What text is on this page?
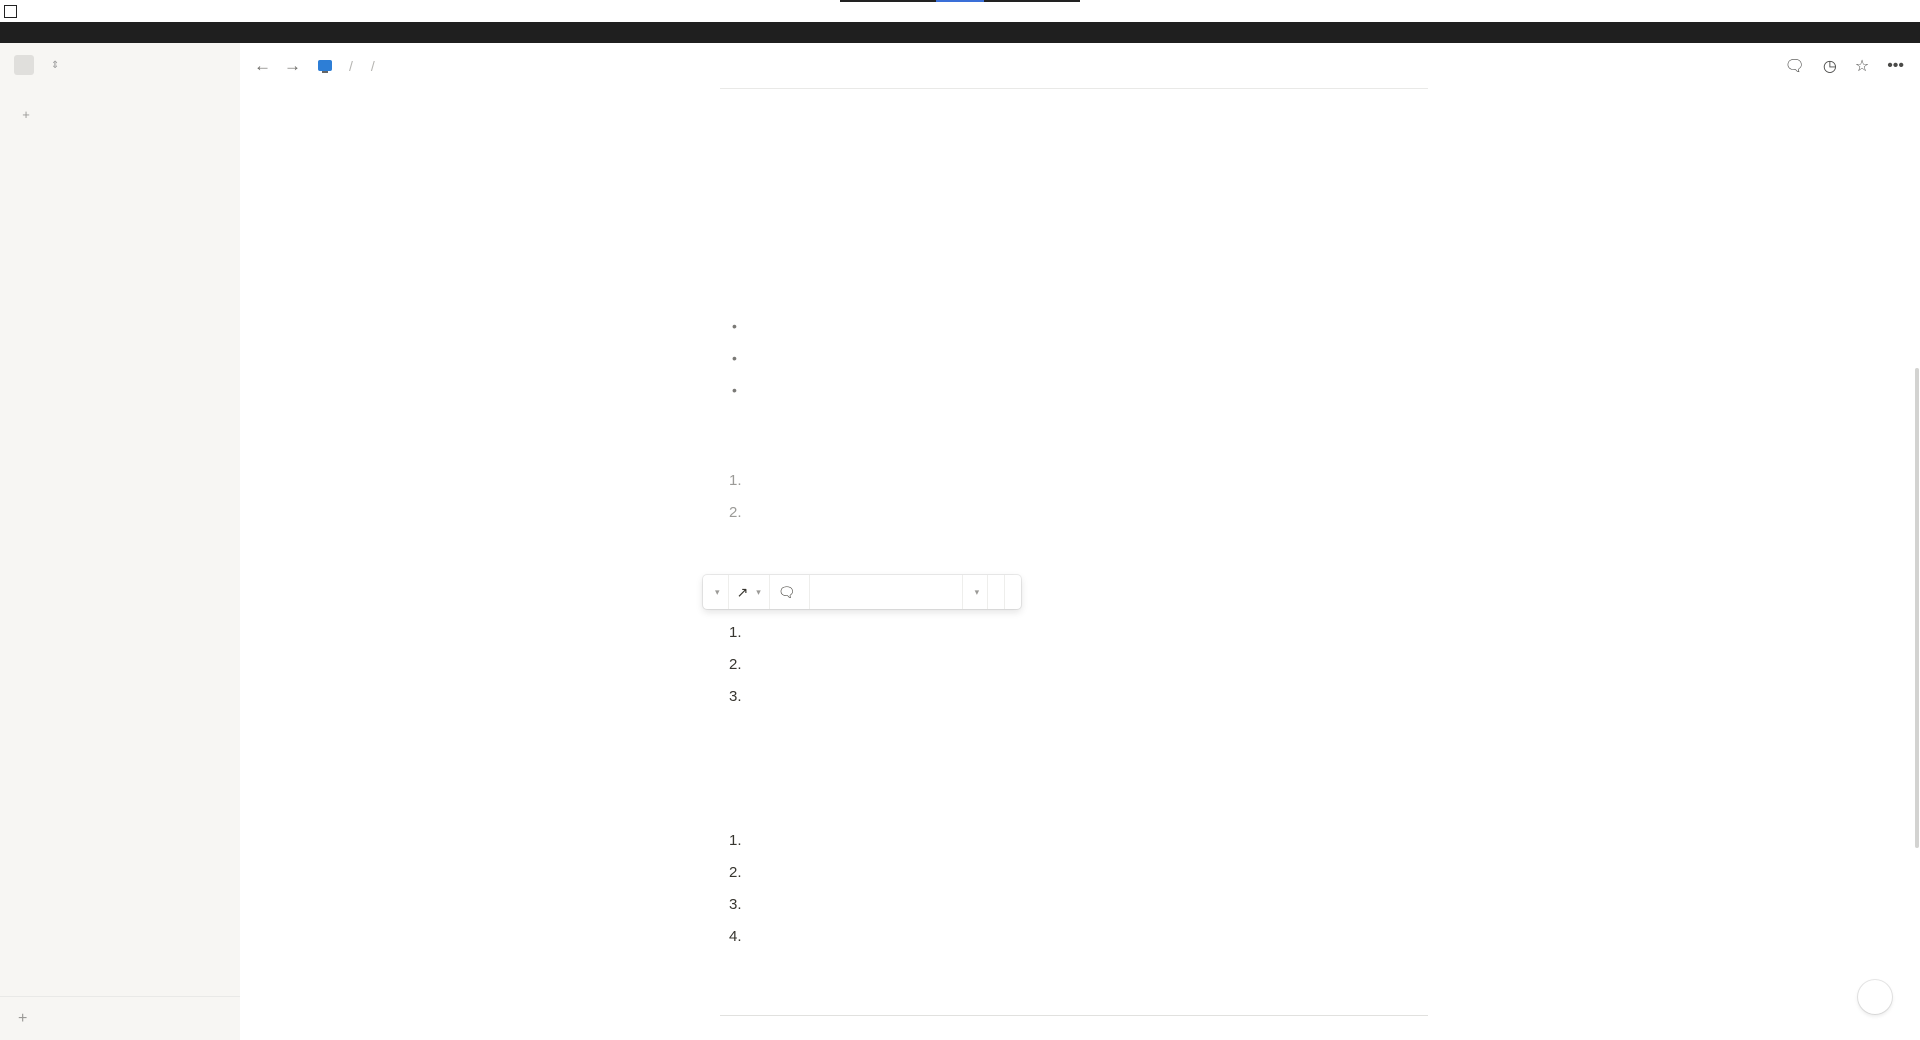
⇕
+
+
← →	/ /	🗨 ◷ ☆ •••
•
•
•
1.
2.
1.
2.
3.
1.
2.
3.
4.
▾ ↗ ▾ 🗨	▾
